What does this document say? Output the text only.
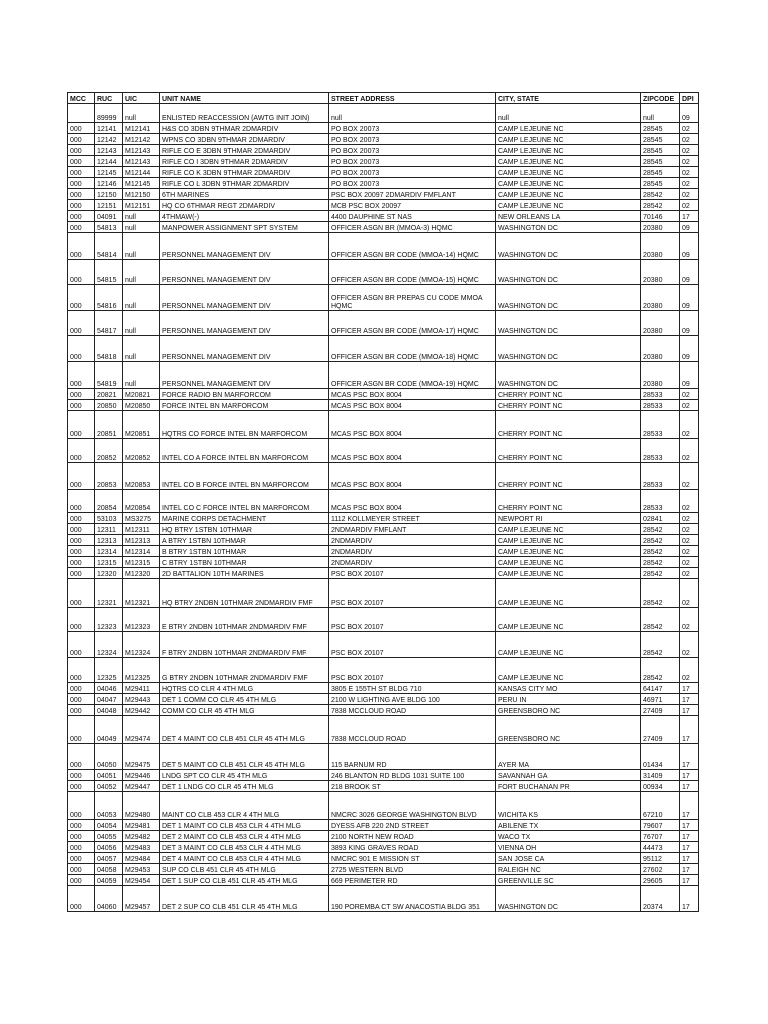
MCC	RUC	UIC	UNIT NAME	STREET ADDRESS	CITY, STATE	ZIPCODE	DPI
	89999	null	ENLISTED REACCESSION (AWTG INIT JOIN)	null	null	null	09
000	12141	M12141	H&S CO 3DBN 9THMAR 2DMARDIV	PO BOX 20073	CAMP LEJEUNE NC	28545	02
000	12142	M12142	WPNS CO 3DBN 9THMAR 2DMARDIV	PO BOX 20073	CAMP LEJEUNE NC	28545	02
000	12143	M12143	RIFLE CO E 3DBN 9THMAR 2DMARDIV	PO BOX 20073	CAMP LEJEUNE NC	28545	02
000	12144	M12143	RIFLE CO I 3DBN 9THMAR 2DMARDIV	PO BOX 20073	CAMP LEJEUNE NC	28545	02
000	12145	M12144	RIFLE CO K 3DBN 9THMAR 2DMARDIV	PO BOX 20073	CAMP LEJEUNE NC	28545	02
000	12146	M12145	RIFLE CO L 3DBN 9THMAR 2DMARDIV	PO BOX 20073	CAMP LEJEUNE NC	28545	02
000	12150	M12150	6TH MARINES	PSC BOX 20097 2DMARDIV FMFLANT	CAMP LEJEUNE NC	28542	02
000	12151	M12151	HQ CO 6THMAR REGT 2DMARDIV	MCB PSC BOX 20097	CAMP LEJEUNE NC	28542	02
000	04091	null	4THMAW(-)	4400 DAUPHINE ST NAS	NEW ORLEANS LA	70146	17
000	54813	null	MANPOWER ASSIGNMENT SPT SYSTEM	OFFICER ASGN BR (MMOA-3) HQMC	WASHINGTON DC	20380	09
000	54814	null	PERSONNEL MANAGEMENT DIV	OFFICER ASGN BR CODE (MMOA-14) HQMC	WASHINGTON DC	20380	09
000	54815	null	PERSONNEL MANAGEMENT DIV	OFFICER ASGN BR CODE (MMOA-15) HQMC	WASHINGTON DC	20380	09
000	54816	null	PERSONNEL MANAGEMENT DIV	OFFICER ASGN BR PREPAS CU CODE MMOA HQMC	WASHINGTON DC	20380	09
000	54817	null	PERSONNEL MANAGEMENT DIV	OFFICER ASGN BR CODE (MMOA-17) HQMC	WASHINGTON DC	20380	09
000	54818	null	PERSONNEL MANAGEMENT DIV	OFFICER ASGN BR CODE (MMOA-18) HQMC	WASHINGTON DC	20380	09
000	54819	null	PERSONNEL MANAGEMENT DIV	OFFICER ASGN BR CODE (MMOA-19) HQMC	WASHINGTON DC	20380	09
000	20821	M20821	FORCE RADIO BN MARFORCOM	MCAS PSC BOX 8004	CHERRY POINT NC	28533	02
000	20850	M20850	FORCE INTEL BN MARFORCOM	MCAS PSC BOX 8004	CHERRY POINT NC	28533	02
000	20851	M20851	HQTRS CO FORCE INTEL BN MARFORCOM	MCAS PSC BOX 8004	CHERRY POINT NC	28533	02
000	20852	M20852	INTEL CO A FORCE INTEL BN MARFORCOM	MCAS PSC BOX 8004	CHERRY POINT NC	28533	02
000	20853	M20853	INTEL CO B FORCE INTEL BN MARFORCOM	MCAS PSC BOX 8004	CHERRY POINT NC	28533	02
000	20854	M20854	INTEL CO C FORCE INTEL BN MARFORCOM	MCAS PSC BOX 8004	CHERRY POINT NC	28533	02
000	53103	MS3275	MARINE CORPS DETACHMENT	1112 KOLLMEYER STREET	NEWPORT RI	02841	02
000	12311	M12311	HQ BTRY 1STBN 10THMAR	2NDMARDIV FMFLANT	CAMP LEJEUNE NC	28542	02
000	12313	M12313	A BTRY 1STBN 10THMAR	2NDMARDIV	CAMP LEJEUNE NC	28542	02
000	12314	M12314	B BTRY 1STBN 10THMAR	2NDMARDIV	CAMP LEJEUNE NC	28542	02
000	12315	M12315	C BTRY 1STBN 10THMAR	2NDMARDIV	CAMP LEJEUNE NC	28542	02
000	12320	M12320	2D BATTALION 10TH MARINES	PSC BOX 20107	CAMP LEJEUNE NC	28542	02
000	12321	M12321	HQ BTRY 2NDBN 10THMAR 2NDMARDIV FMF	PSC BOX 20107	CAMP LEJEUNE NC	28542	02
000	12323	M12323	E BTRY 2NDBN 10THMAR 2NDMARDIV FMF	PSC BOX 20107	CAMP LEJEUNE NC	28542	02
000	12324	M12324	F BTRY 2NDBN 10THMAR 2NDMARDIV FMF	PSC BOX 20107	CAMP LEJEUNE NC	28542	02
000	12325	M12325	G BTRY 2NDBN 10THMAR 2NDMARDIV FMF	PSC BOX 20107	CAMP LEJEUNE NC	28542	02
000	04046	M29411	HQTRS CO CLR 4 4TH MLG	3805 E 155TH ST BLDG 710	KANSAS CITY MO	64147	17
000	04047	M29443	DET 1 COMM CO CLR 45 4TH MLG	2100 W LIGHTING AVE BLDG 100	PERU IN	46971	17
000	04048	M29442	COMM CO CLR 45 4TH MLG	7838 MCCLOUD ROAD	GREENSBORO NC	27409	17
000	04049	M29474	DET 4 MAINT CO CLB 451 CLR 45 4TH MLG	7838 MCCLOUD ROAD	GREENSBORO NC	27409	17
000	04050	M29475	DET 5 MAINT CO CLB 451 CLR 45 4TH MLG	115 BARNUM RD	AYER MA	01434	17
000	04051	M29446	LNDG SPT CO CLR 45 4TH MLG	246 BLANTON RD BLDG 1031 SUITE 100	SAVANNAH GA	31409	17
000	04052	M29447	DET 1 LNDG CO CLR 45 4TH MLG	218 BROOK ST	FORT BUCHANAN PR	00934	17
000	04053	M29480	MAINT CO CLB 453 CLR 4 4TH MLG	NMCRC 3026 GEORGE WASHINGTON BLVD	WICHITA KS	67210	17
000	04054	M29481	DET 1 MAINT CO CLB 453 CLR 4 4TH MLG	DYESS AFB 220 2ND STREET	ABILENE TX	79607	17
000	04055	M29482	DET 2 MAINT CO CLB 453 CLR 4 4TH MLG	2100 NORTH NEW ROAD	WACO TX	76707	17
000	04056	M29483	DET 3 MAINT CO CLB 453 CLR 4 4TH MLG	3893 KING GRAVES ROAD	VIENNA OH	44473	17
000	04057	M29484	DET 4 MAINT CO CLB 453 CLR 4 4TH MLG	NMCRC 901 E MISSION ST	SAN JOSE CA	95112	17
000	04058	M29453	SUP CO CLB 451 CLR 45 4TH MLG	2725 WESTERN BLVD	RALEIGH NC	27602	17
000	04059	M29454	DET 1 SUP CO CLB 451 CLR 45 4TH MLG	669 PERIMETER RD	GREENVILLE SC	29605	17
000	04060	M29457	DET 2 SUP CO CLB 451 CLR 45 4TH MLG	190 POREMBA CT SW ANACOSTIA BLDG 351	WASHINGTON DC	20374	17
